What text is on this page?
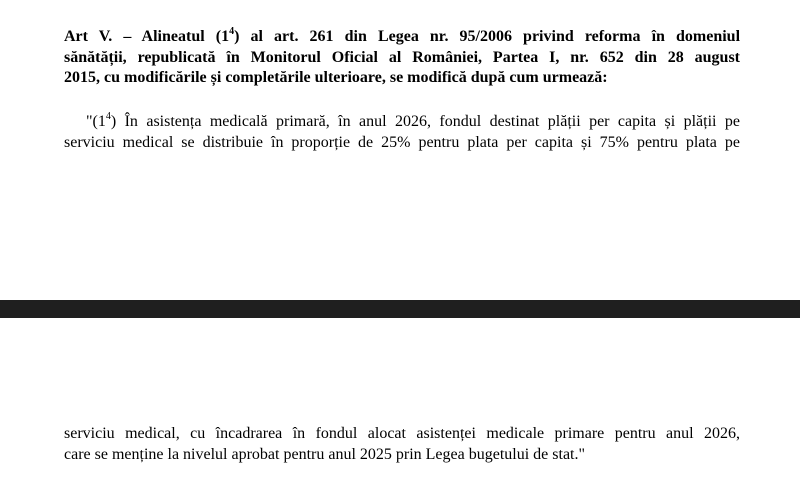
Art V. – Alineatul $(1^4)$ al art. 261 din Legea nr. 95/2006 privind reforma în domeniul
sănătății, republicată în Monitorul Oficial al României, Partea I, nr. 652 din 28 august
2015, cu modificările și completările ulterioare, se modifică după cum urmează:

"$(1^4)$ În asistența medicală primară, în anul 2026, fondul destinat plății per capita și plății pe
serviciu medical se distribuie în proporție de 25% pentru plata per capita și 75% pentru plata pe

serviciu medical, cu încadrarea în fondul alocat asistenței medicale primare pentru anul 2026,
care se menține la nivelul aprobat pentru anul 2025 prin Legea bugetului de stat."
